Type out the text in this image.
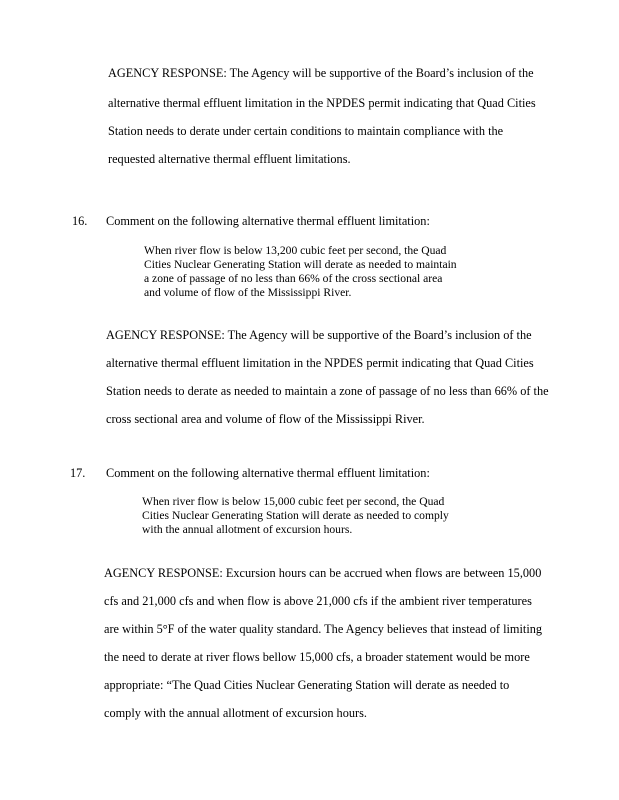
AGENCY RESPONSE: The Agency will be supportive of the Board’s inclusion of the
alternative thermal effluent limitation in the NPDES permit indicating that Quad Cities
Station needs to derate under certain conditions to maintain compliance with the
requested alternative thermal effluent limitations.
16. Comment on the following alternative thermal effluent limitation:
When river flow is below 13,200 cubic feet per second, the Quad
Cities Nuclear Generating Station will derate as needed to maintain
a zone of passage of no less than 66% of the cross sectional area
and volume of flow of the Mississippi River.
AGENCY RESPONSE: The Agency will be supportive of the Board’s inclusion of the
alternative thermal effluent limitation in the NPDES permit indicating that Quad Cities
Station needs to derate as needed to maintain a zone of passage of no less than 66% of the
cross sectional area and volume of flow of the Mississippi River.
17. Comment on the following alternative thermal effluent limitation:
When river flow is below 15,000 cubic feet per second, the Quad
Cities Nuclear Generating Station will derate as needed to comply
with the annual allotment of excursion hours.
AGENCY RESPONSE: Excursion hours can be accrued when flows are between 15,000
cfs and 21,000 cfs and when flow is above 21,000 cfs if the ambient river temperatures
are within 5°F of the water quality standard. The Agency believes that instead of limiting
the need to derate at river flows bellow 15,000 cfs, a broader statement would be more
appropriate: “The Quad Cities Nuclear Generating Station will derate as needed to
comply with the annual allotment of excursion hours.
